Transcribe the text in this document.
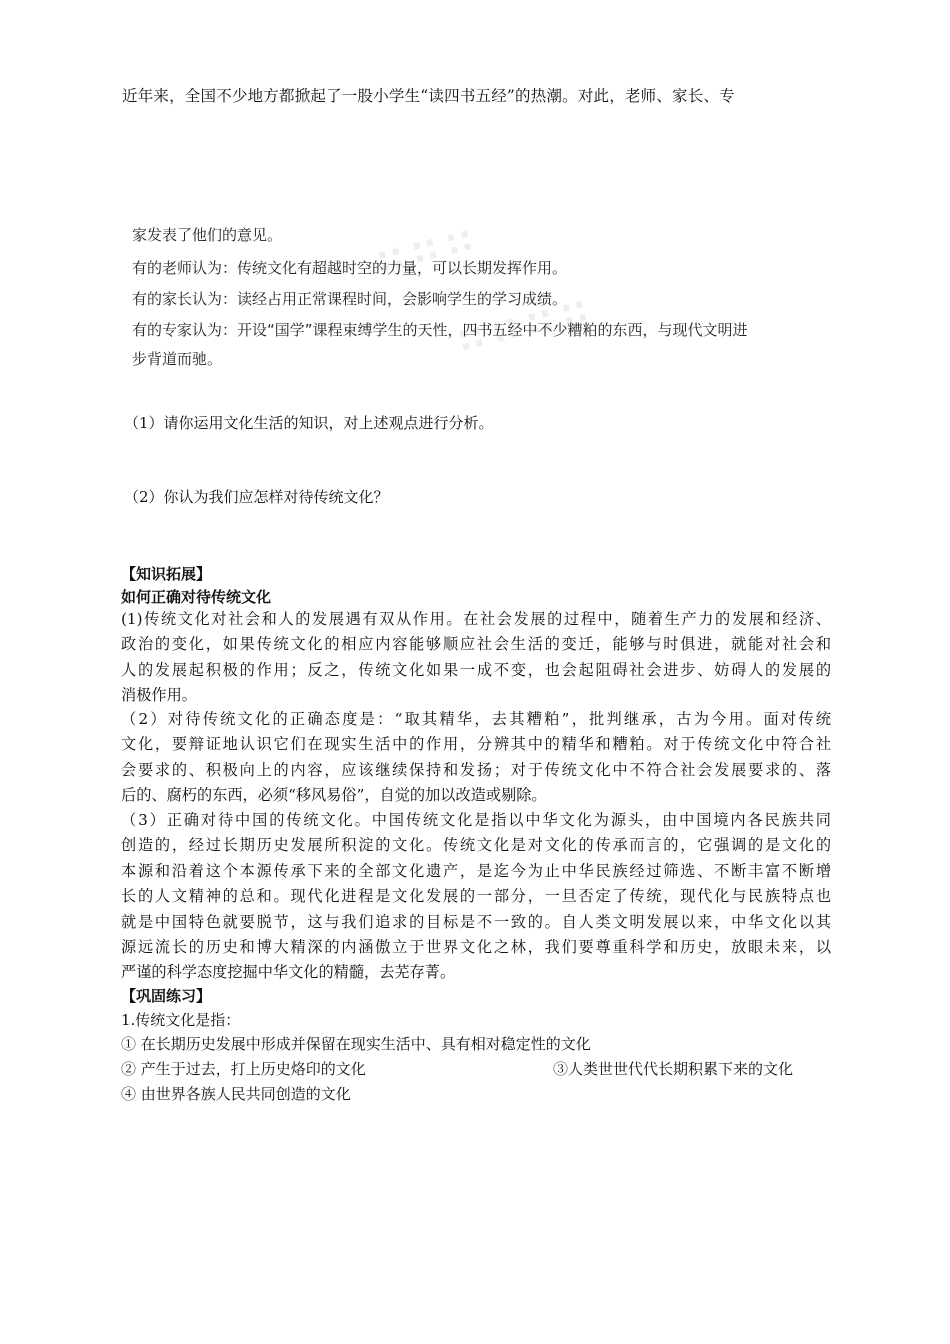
近年来，全国不少地方都掀起了一股小学生“读四书五经”的热潮。对此，老师、家长、专
∷ ∷ ∷
∷ ∷ ∷ ∷
家发表了他们的意见。
有的老师认为：传统文化有超越时空的力量，可以长期发挥作用。
有的家长认为：读经占用正常课程时间，会影响学生的学习成绩。
有的专家认为：开设“国学”课程束缚学生的天性，四书五经中不少糟粕的东西，与现代文明进
步背道而驰。
（1）请你运用文化生活的知识，对上述观点进行分析。
（2）你认为我们应怎样对待传统文化？
【知识拓展】
如何正确对待传统文化
(1)传统文化对社会和人的发展遇有双从作用。在社会发展的过程中，随着生产力的发展和经济、
政治的变化，如果传统文化的相应内容能够顺应社会生活的变迁，能够与时俱进，就能对社会和
人的发展起积极的作用；反之，传统文化如果一成不变，也会起阻碍社会进步、妨碍人的发展的
消极作用。
（2）对待传统文化的正确态度是：“取其精华，去其糟粕”，批判继承，古为今用。面对传统
文化，要辩证地认识它们在现实生活中的作用，分辨其中的精华和糟粕。对于传统文化中符合社
会要求的、积极向上的内容，应该继续保持和发扬；对于传统文化中不符合社会发展要求的、落
后的、腐朽的东西，必须“移风易俗”，自觉的加以改造或剔除。
（3）正确对待中国的传统文化。中国传统文化是指以中华文化为源头，由中国境内各民族共同
创造的，经过长期历史发展所积淀的文化。传统文化是对文化的传承而言的，它强调的是文化的
本源和沿着这个本源传承下来的全部文化遗产，是迄今为止中华民族经过筛选、不断丰富不断增
长的人文精神的总和。现代化进程是文化发展的一部分，一旦否定了传统，现代化与民族特点也
就是中国特色就要脱节，这与我们追求的目标是不一致的。自人类文明发展以来，中华文化以其
源远流长的历史和博大精深的内涵傲立于世界文化之林，我们要尊重科学和历史，放眼未来，以
严谨的科学态度挖掘中华文化的精髓，去芜存菁。
【巩固练习】
1.传统文化是指：
① 在长期历史发展中形成并保留在现实生活中、具有相对稳定性的文化
② 产生于过去，打上历史烙印的文化	③人类世世代代长期积累下来的文化
④ 由世界各族人民共同创造的文化
